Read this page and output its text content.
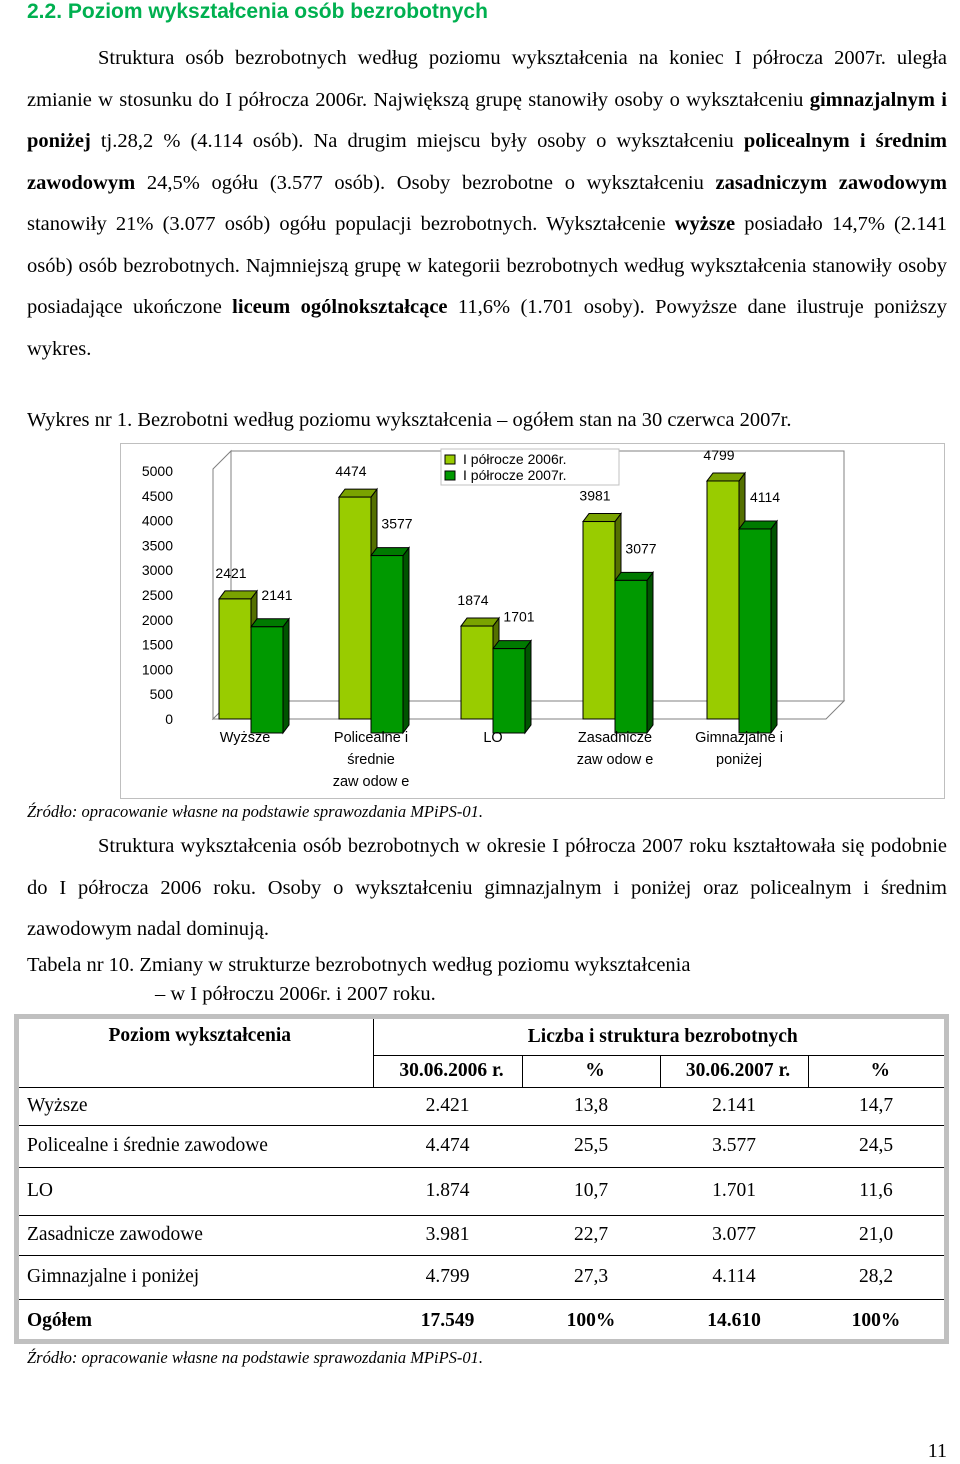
2.2. Poziom wykształcenia osób bezrobotnych

Struktura osób bezrobotnych według poziomu wykształcenia na koniec I półrocza 2007r. uległa zmianie w stosunku do I półrocza 2006r. Największą grupę stanowiły osoby o wykształceniu gimnazjalnym i poniżej tj.28,2 % (4.114 osób). Na drugim miejscu były osoby o wykształceniu policealnym i średnim zawodowym 24,5% ogółu (3.577 osób). Osoby bezrobotne o wykształceniu zasadniczym zawodowym stanowiły 21% (3.077 osób) ogółu populacji bezrobotnych. Wykształcenie wyższe posiadało 14,7% (2.141 osób) osób bezrobotnych. Najmniejszą grupę w kategorii bezrobotnych według wykształcenia stanowiły osoby posiadające ukończone liceum ogólnokształcące 11,6% (1.701 osoby). Powyższe dane ilustruje poniższy wykres.

Wykres nr 1. Bezrobotni według poziomu wykształcenia – ogółem stan na 30 czerwca 2007r.

0
500
1000
1500
2000
2500
3000
3500
4000
4500
5000
2421
2141
Wyższe
4474
3577
Policealne i
średnie
zaw odow e
1874
1701
LO
3981
3077
Zasadnicze
zaw odow e
4799
4114
Gimnazjalne i
poniżej
I półrocze 2006r.
I półrocze 2007r.

Źródło: opracowanie własne na podstawie sprawozdania MPiPS-01.

Struktura wykształcenia osób bezrobotnych w okresie I półrocza 2007 roku kształtowała się podobnie do I półrocza 2006 roku. Osoby o wykształceniu gimnazjalnym i poniżej oraz policealnym i średnim zawodowym nadal dominują.

Tabela nr 10. Zmiany w strukturze bezrobotnych według poziomu wykształcenia

– w I półroczu 2006r. i 2007 roku.

Poziom wykształcenia	Liczba i struktura bezrobotnych			
	30.06.2006 r.	%	30.06.2007 r.	%
Wyższe	2.421	13,8	2.141	14,7
Policealne i średnie zawodowe	4.474	25,5	3.577	24,5
LO	1.874	10,7	1.701	11,6
Zasadnicze zawodowe	3.981	22,7	3.077	21,0
Gimnazjalne i poniżej	4.799	27,3	4.114	28,2
Ogółem	17.549	100%	14.610	100%

Źródło: opracowanie własne na podstawie sprawozdania MPiPS-01.

11
